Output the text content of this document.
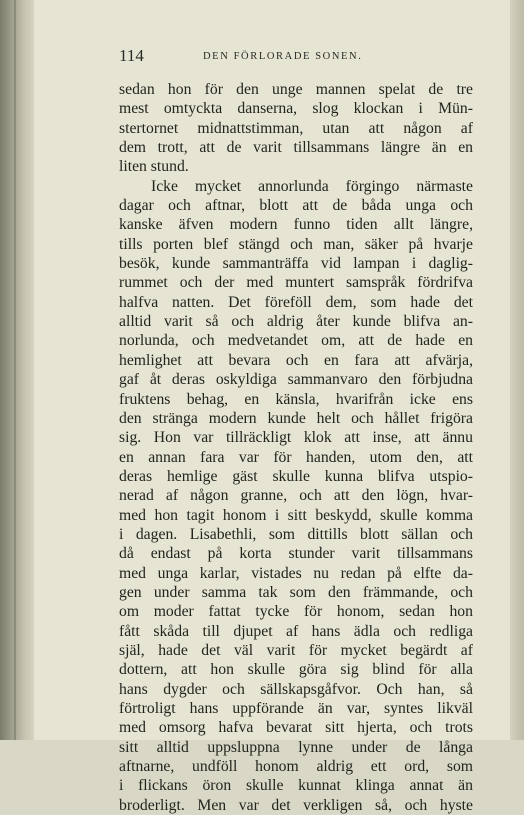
114	DEN FÖRLORADE SONEN.
sedan hon för den unge mannen spelat de tre
mest omtyckta danserna, slog klockan i Mün-
stertornet midnattstimman, utan att någon af
dem trott, att de varit tillsammans längre än en
liten stund.
Icke mycket annorlunda förgingo närmaste
dagar och aftnar, blott att de båda unga och
kanske äfven modern funno tiden allt längre,
tills porten blef stängd och man, säker på hvarje
besök, kunde sammanträffa vid lampan i daglig-
rummet och der med muntert samspråk fördrifva
halfva natten. Det föreföll dem, som hade det
alltid varit så och aldrig åter kunde blifva an-
norlunda, och medvetandet om, att de hade en
hemlighet att bevara och en fara att afvärja,
gaf åt deras oskyldiga sammanvaro den förbjudna
fruktens behag, en känsla, hvarifrån icke ens
den stränga modern kunde helt och hållet frigöra
sig. Hon var tillräckligt klok att inse, att ännu
en annan fara var för handen, utom den, att
deras hemlige gäst skulle kunna blifva utspio-
nerad af någon granne, och att den lögn, hvar-
med hon tagit honom i sitt beskydd, skulle komma
i dagen. Lisabethli, som dittills blott sällan och
då endast på korta stunder varit tillsammans
med unga karlar, vistades nu redan på elfte da-
gen under samma tak som den främmande, och
om moder fattat tycke för honom, sedan hon
fått skåda till djupet af hans ädla och redliga
själ, hade det väl varit för mycket begärdt af
dottern, att hon skulle göra sig blind för alla
hans dygder och sällskapsgåfvor. Och han, så
förtroligt hans uppförande än var, syntes likväl
med omsorg hafva bevarat sitt hjerta, och trots
sitt alltid uppsluppna lynne under de långa
aftnarne, undföll honom aldrig ett ord, som
i flickans öron skulle kunnat klinga annat än
broderligt. Men var det verkligen så, och hyste
